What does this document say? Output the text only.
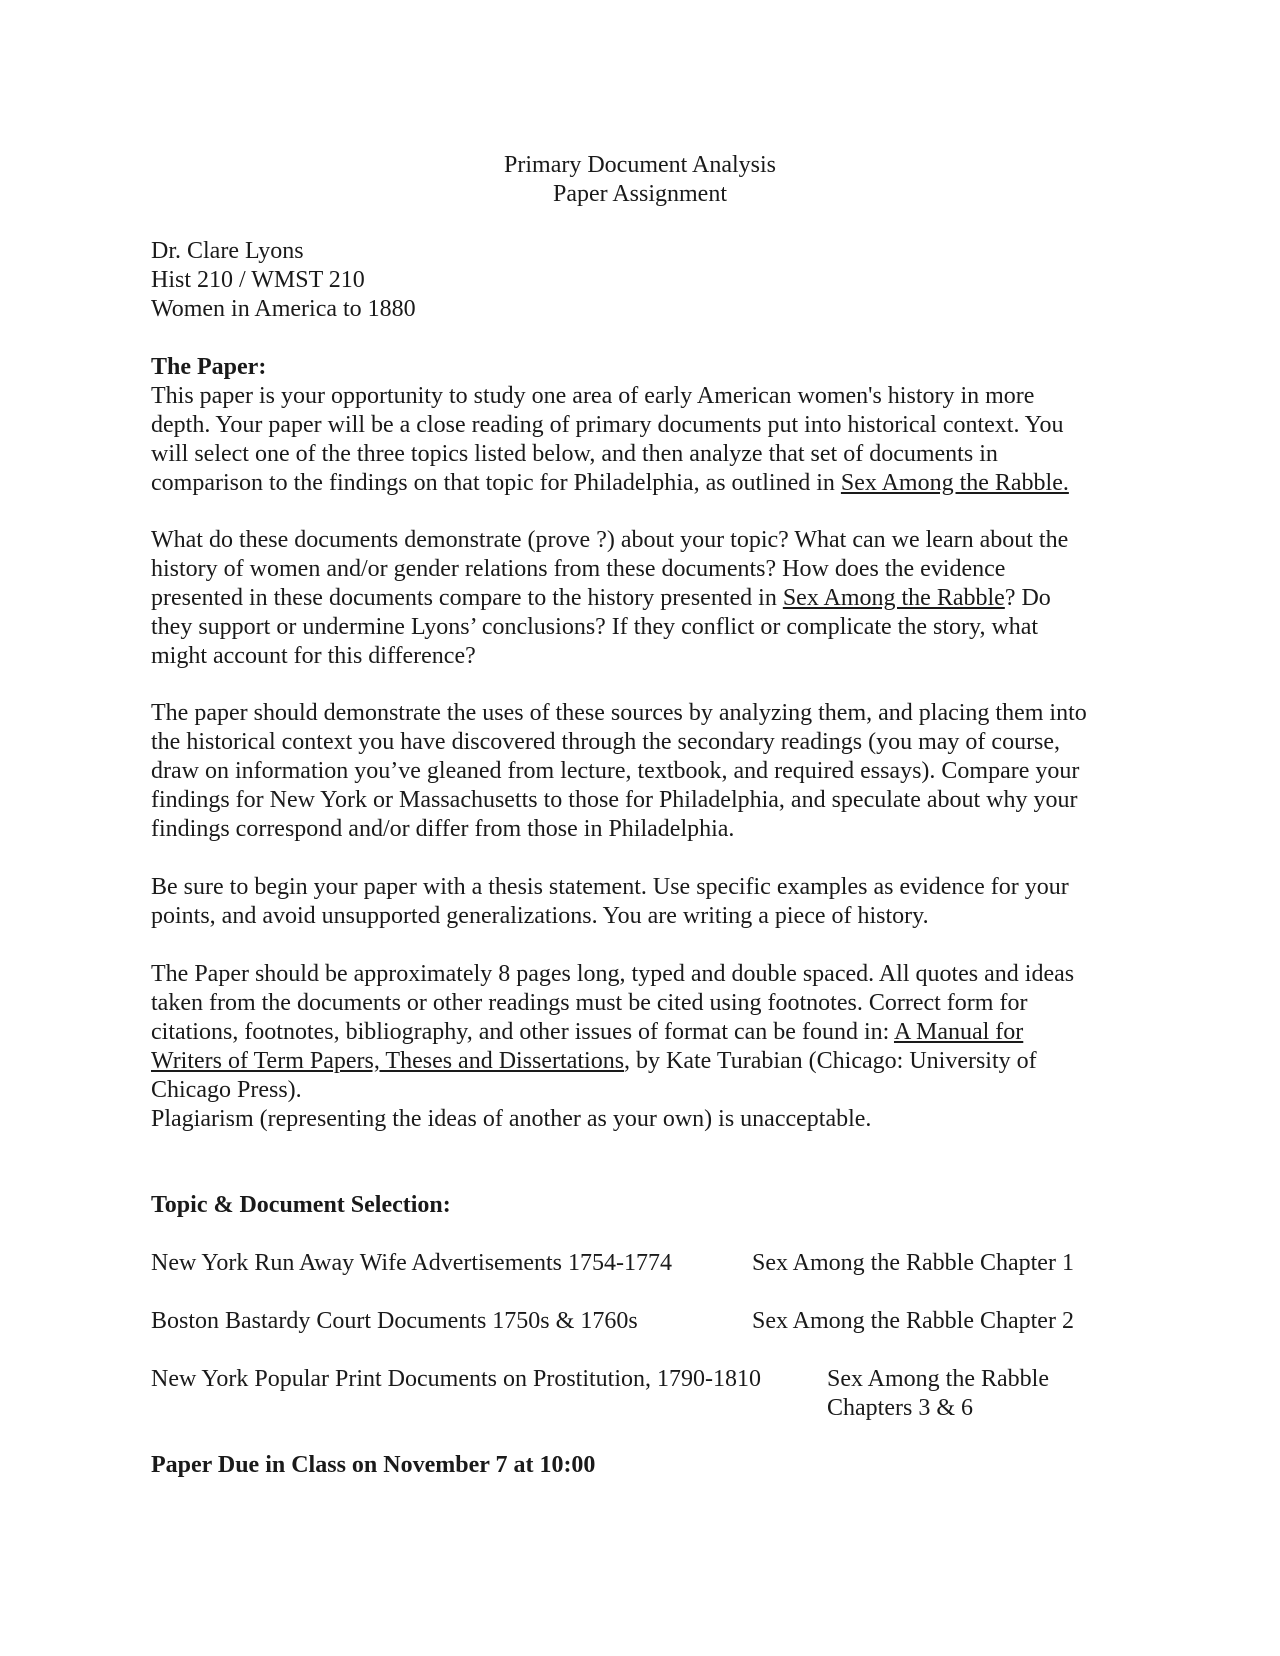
Primary Document Analysis
Paper Assignment
Dr. Clare Lyons
Hist 210 / WMST 210
Women in America to 1880
The Paper:
This paper is your opportunity to study one area of early American women's history in more
depth. Your paper will be a close reading of primary documents put into historical context. You
will select one of the three topics listed below, and then analyze that set of documents in
comparison to the findings on that topic for Philadelphia, as outlined in Sex Among the Rabble.
What do these documents demonstrate (prove ?) about your topic? What can we learn about the
history of women and/or gender relations from these documents? How does the evidence
presented in these documents compare to the history presented in Sex Among the Rabble? Do
they support or undermine Lyons’ conclusions? If they conflict or complicate the story, what
might account for this difference?
The paper should demonstrate the uses of these sources by analyzing them, and placing them into
the historical context you have discovered through the secondary readings (you may of course,
draw on information you’ve gleaned from lecture, textbook, and required essays). Compare your
findings for New York or Massachusetts to those for Philadelphia, and speculate about why your
findings correspond and/or differ from those in Philadelphia.
Be sure to begin your paper with a thesis statement. Use specific examples as evidence for your
points, and avoid unsupported generalizations. You are writing a piece of history.
The Paper should be approximately 8 pages long, typed and double spaced. All quotes and ideas
taken from the documents or other readings must be cited using footnotes. Correct form for
citations, footnotes, bibliography, and other issues of format can be found in: A Manual for
Writers of Term Papers, Theses and Dissertations, by Kate Turabian (Chicago: University of
Chicago Press).
Plagiarism (representing the ideas of another as your own) is unacceptable.
Topic & Document Selection:
New York Run Away Wife Advertisements 1754-1774	Sex Among the Rabble Chapter 1
Boston Bastardy Court Documents 1750s & 1760s	Sex Among the Rabble Chapter 2
New York Popular Print Documents on Prostitution, 1790-1810	Sex Among the Rabble
Chapters 3 & 6
Paper Due in Class on November 7 at 10:00
